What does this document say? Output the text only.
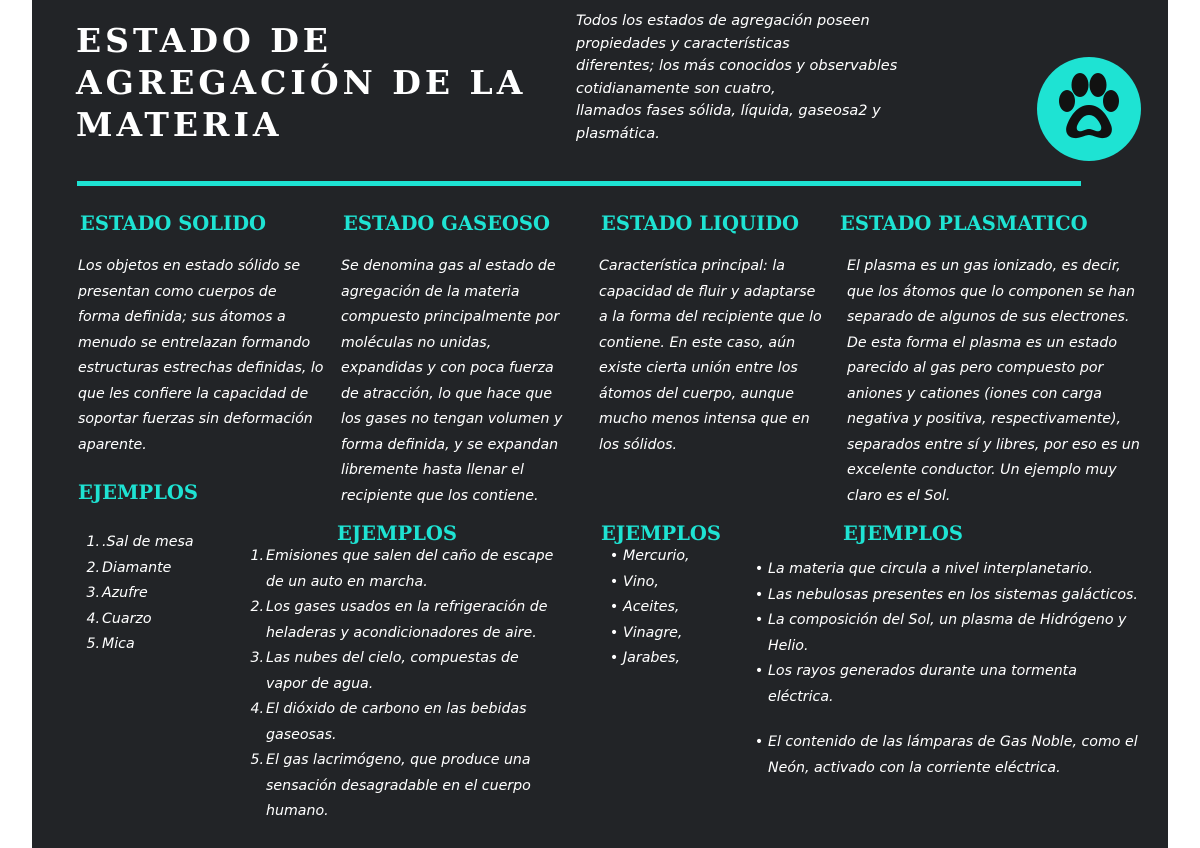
ESTADO DE
AGREGACIÓN DE LA
MATERIA
Todos los estados de agregación poseen
propiedades y características
diferentes; los más conocidos y observables
cotidianamente son cuatro,
llamados fases sólida, líquida, gaseosa2 y
plasmática.
ESTADO SOLIDO
Los objetos en estado sólido se
presentan como cuerpos de
forma definida; sus átomos a
menudo se entrelazan formando
estructuras estrechas definidas, lo
que les confiere la capacidad de
soportar fuerzas sin deformación
aparente.
EJEMPLOS
1. .Sal de mesa
2. Diamante
3. Azufre
4. Cuarzo
5. Mica
ESTADO GASEOSO
Se denomina gas al estado de
agregación de la materia
compuesto principalmente por
moléculas no unidas,
expandidas y con poca fuerza
de atracción, lo que hace que
los gases no tengan volumen y
forma definida, y se expandan
libremente hasta llenar el
recipiente que los contiene.
EJEMPLOS
1. Emisiones que salen del caño de escape
de un auto en marcha.
2. Los gases usados en la refrigeración de
heladeras y acondicionadores de aire.
3. Las nubes del cielo, compuestas de
vapor de agua.
4. El dióxido de carbono en las bebidas
gaseosas.
5. El gas lacrimógeno, que produce una
sensación desagradable en el cuerpo
humano.
ESTADO LIQUIDO
Característica principal: la
capacidad de fluir y adaptarse
a la forma del recipiente que lo
contiene. En este caso, aún
existe cierta unión entre los
átomos del cuerpo, aunque
mucho menos intensa que en
los sólidos.
EJEMPLOS
• Mercurio,
• Vino,
• Aceites,
• Vinagre,
• Jarabes,
ESTADO PLASMATICO
El plasma es un gas ionizado, es decir,
que los átomos que lo componen se han
separado de algunos de sus electrones.
De esta forma el plasma es un estado
parecido al gas pero compuesto por
aniones y cationes (iones con carga
negativa y positiva, respectivamente),
separados entre sí y libres, por eso es un
excelente conductor. Un ejemplo muy
claro es el Sol.
EJEMPLOS
• La materia que circula a nivel interplanetario.
• Las nebulosas presentes en los sistemas galácticos.
• La composición del Sol, un plasma de Hidrógeno y
Helio.
• Los rayos generados durante una tormenta
eléctrica.
• El contenido de las lámparas de Gas Noble, como el
Neón, activado con la corriente eléctrica.
